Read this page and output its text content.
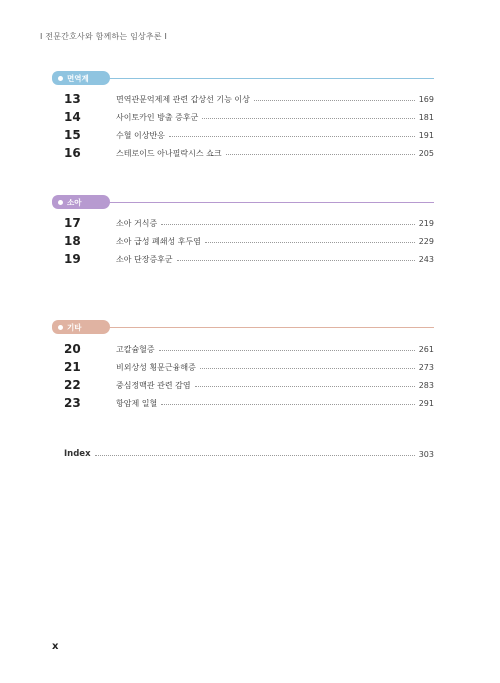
I 전문간호사와 함께하는 임상추론 I
면역계
13	면역관문억제제 관련 갑상선 기능 이상	169
14	사이토카인 방출 증후군	181
15	수혈 이상반응	191
16	스테로이드 아나필락시스 쇼크	205
소아
17	소아 거식증	219
18	소아 급성 폐쇄성 후두염	229
19	소아 단장증후군	243
기타
20	고칼슘혈증	261
21	비외상성 횡문근융해증	273
22	중심정맥관 관련 감염	283
23	항암제 일혈	291
Index	303
x
